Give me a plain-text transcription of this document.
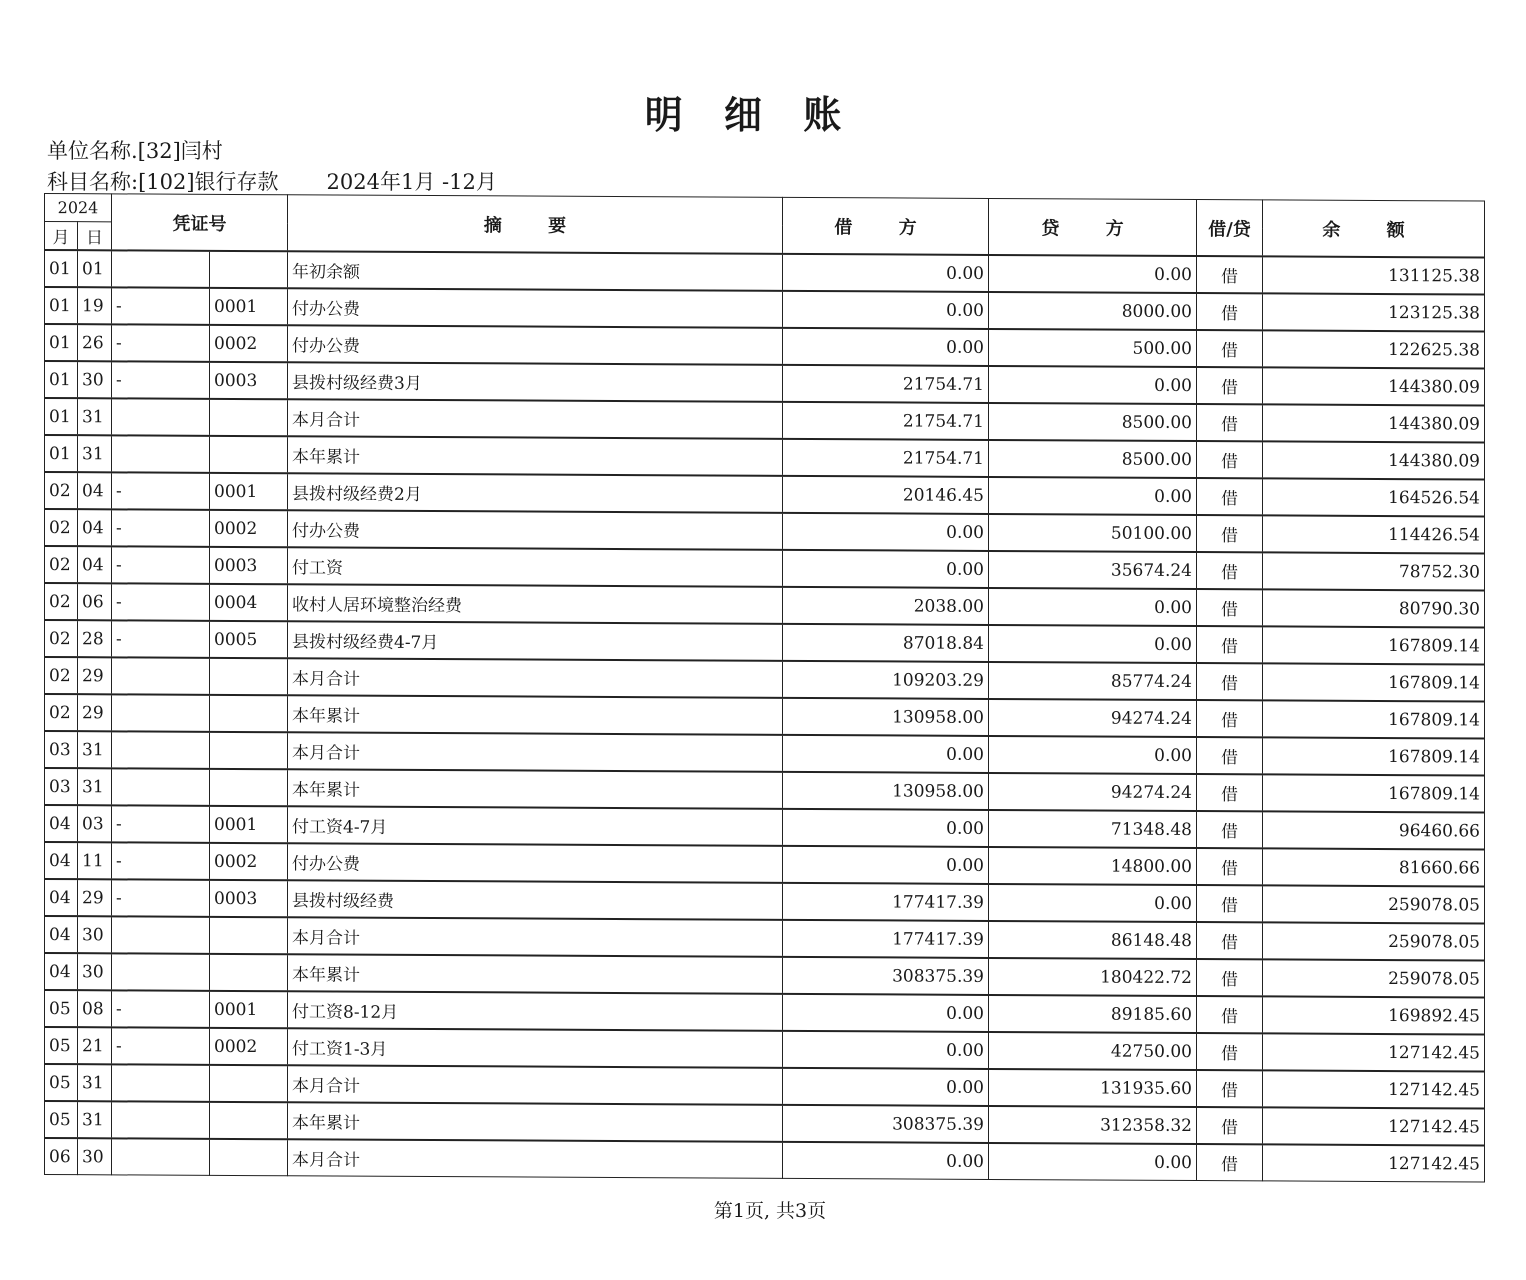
明 细 账
单位名称.[32]闫村
科目名称:[102]银行存款 2024年1月 -12月
2024		凭证号		摘 要	借 方	贷 方	借/贷	余 额
月	日							
01	01			年初余额	0.00	0.00	借	131125.38
01	19	-	0001	付办公费	0.00	8000.00	借	123125.38
01	26	-	0002	付办公费	0.00	500.00	借	122625.38
01	30	-	0003	县拨村级经费3月	21754.71	0.00	借	144380.09
01	31			本月合计	21754.71	8500.00	借	144380.09
01	31			本年累计	21754.71	8500.00	借	144380.09
02	04	-	0001	县拨村级经费2月	20146.45	0.00	借	164526.54
02	04	-	0002	付办公费	0.00	50100.00	借	114426.54
02	04	-	0003	付工资	0.00	35674.24	借	78752.30
02	06	-	0004	收村人居环境整治经费	2038.00	0.00	借	80790.30
02	28	-	0005	县拨村级经费4-7月	87018.84	0.00	借	167809.14
02	29			本月合计	109203.29	85774.24	借	167809.14
02	29			本年累计	130958.00	94274.24	借	167809.14
03	31			本月合计	0.00	0.00	借	167809.14
03	31			本年累计	130958.00	94274.24	借	167809.14
04	03	-	0001	付工资4-7月	0.00	71348.48	借	96460.66
04	11	-	0002	付办公费	0.00	14800.00	借	81660.66
04	29	-	0003	县拨村级经费	177417.39	0.00	借	259078.05
04	30			本月合计	177417.39	86148.48	借	259078.05
04	30			本年累计	308375.39	180422.72	借	259078.05
05	08	-	0001	付工资8-12月	0.00	89185.60	借	169892.45
05	21	-	0002	付工资1-3月	0.00	42750.00	借	127142.45
05	31			本月合计	0.00	131935.60	借	127142.45
05	31			本年累计	308375.39	312358.32	借	127142.45
06	30			本月合计	0.00	0.00	借	127142.45
第1页, 共3页
